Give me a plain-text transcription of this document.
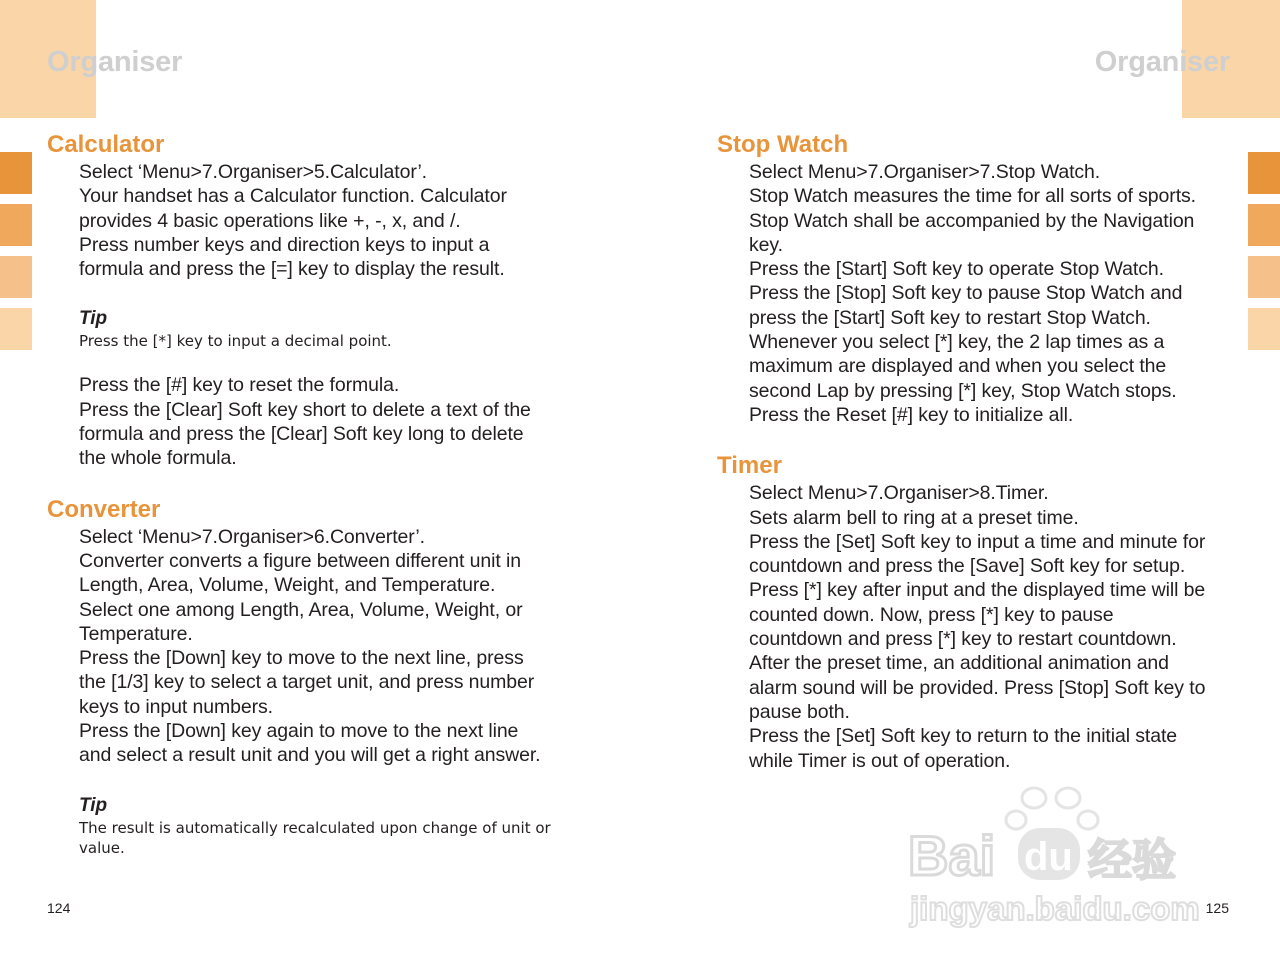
Organiser	Organiser
Calculator

Select ‘Menu>7.Organiser>5.Calculator’.

Your handset has a Calculator function. Calculator

provides 4 basic operations like +, -, x, and /.

Press number keys and direction keys to input a

formula and press the [=] key to display the result.

Tip
Press the [*] key to input a decimal point.

Press the [#] key to reset the formula.

Press the [Clear] Soft key short to delete a text of the

formula and press the [Clear] Soft key long to delete

the whole formula.

Converter

Select ‘Menu>7.Organiser>6.Converter’.

Converter converts a figure between different unit in

Length, Area, Volume, Weight, and Temperature.

Select one among Length, Area, Volume, Weight, or

Temperature.

Press the [Down] key to move to the next line, press

the [1/3] key to select a target unit, and press number

keys to input numbers.

Press the [Down] key again to move to the next line

and select a result unit and you will get a right answer.

Tip
The result is automatically recalculated upon change of unit or
value.
Stop Watch

Select Menu>7.Organiser>7.Stop Watch.

Stop Watch measures the time for all sorts of sports.

Stop Watch shall be accompanied by the Navigation

key.

Press the [Start] Soft key to operate Stop Watch.

Press the [Stop] Soft key to pause Stop Watch and

press the [Start] Soft key to restart Stop Watch.

Whenever you select [*] key, the 2 lap times as a

maximum are displayed and when you select the

second Lap by pressing [*] key, Stop Watch stops.

Press the Reset [#] key to initialize all.

Timer

Select Menu>7.Organiser>8.Timer.

Sets alarm bell to ring at a preset time.

Press the [Set] Soft key to input a time and minute for

countdown and press the [Save] Soft key for setup.

Press [*] key after input and the displayed time will be

counted down. Now, press [*] key to pause

countdown and press [*] key to restart countdown.

After the preset time, an additional animation and

alarm sound will be provided. Press [Stop] Soft key to

pause both.

Press the [Set] Soft key to return to the initial state

while Timer is out of operation.

124	125
Bai du 经验
jingyan.baidu.com
